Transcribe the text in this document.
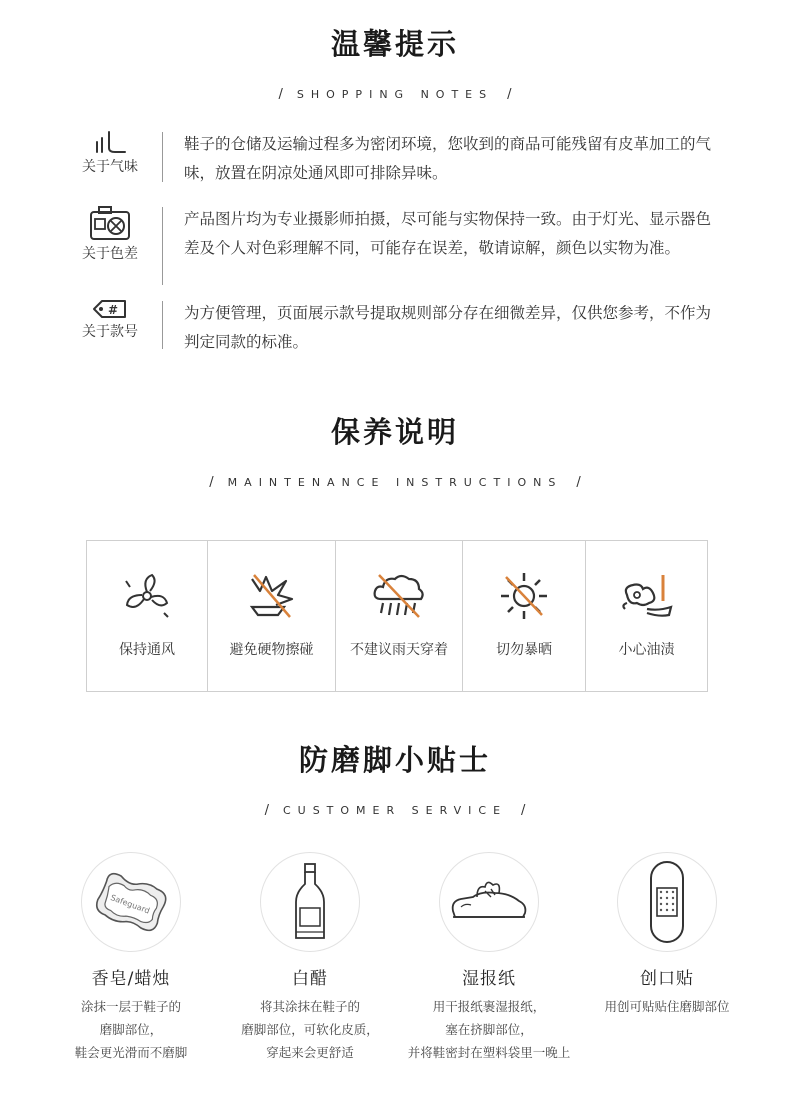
温馨提示
/ SHOPPING NOTES /
关于气味
鞋子的仓储及运输过程多为密闭环境，您收到的商品可能残留有皮革加工的气味，放置在阴凉处通风即可排除异味。
关于色差
产品图片均为专业摄影师拍摄，尽可能与实物保持一致。由于灯光、显示器色差及个人对色彩理解不同，可能存在误差，敬请谅解，颜色以实物为准。
#
关于款号
为方便管理，页面展示款号提取规则部分存在细微差异，仅供您参考，不作为判定同款的标准。
保养说明
/ MAINTENANCE INSTRUCTIONS /
保持通风	避免硬物擦碰	不建议雨天穿着	切勿暴晒	小心油渍
防磨脚小贴士
/ CUSTOMER SERVICE /
Safeguard
香皂/蜡烛
涂抹一层于鞋子的
磨脚部位，
鞋会更光滑而不磨脚
白醋
将其涂抹在鞋子的
磨脚部位，可软化皮质，
穿起来会更舒适
湿报纸
用干报纸裹湿报纸，
塞在挤脚部位，
并将鞋密封在塑料袋里一晚上
创口贴
用创可贴贴住磨脚部位
